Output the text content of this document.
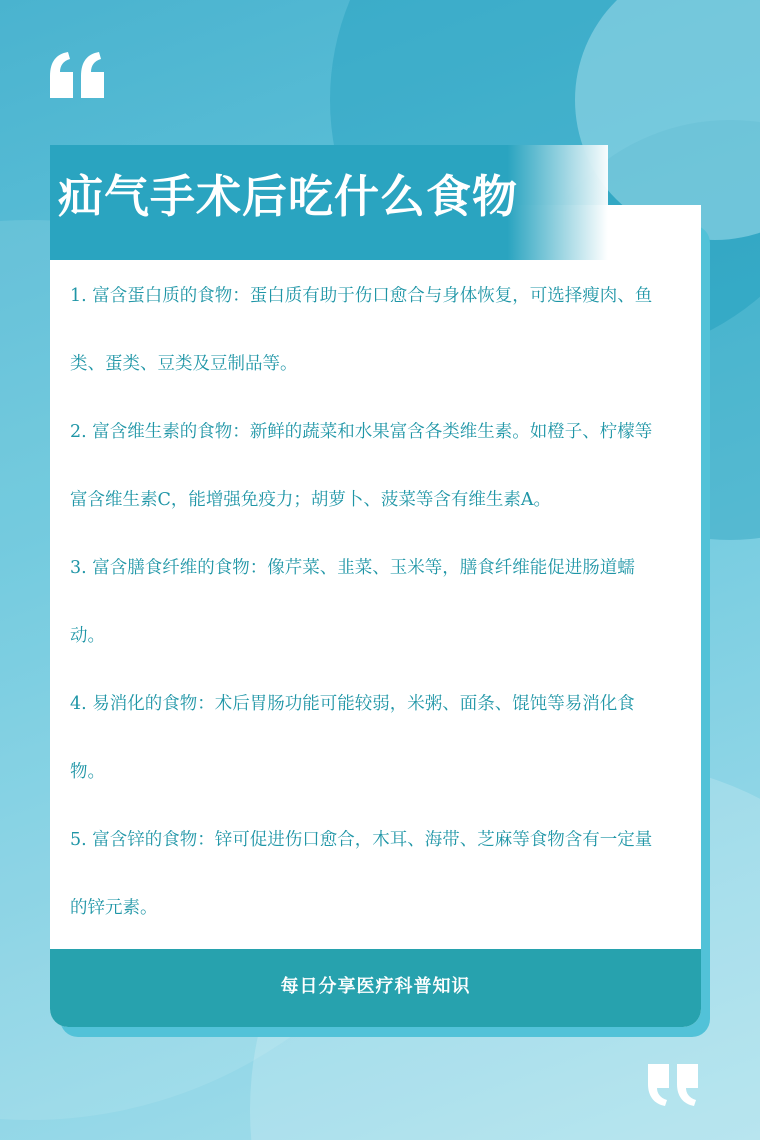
每日分享医疗科普知识
疝气手术后吃什么食物

1. 富含蛋白质的食物：蛋白质有助于伤口愈合与身体恢复，可选择瘦肉、鱼类、蛋类、豆类及豆制品等。

2. 富含维生素的食物：新鲜的蔬菜和水果富含各类维生素。如橙子、柠檬等富含维生素C，能增强免疫力；胡萝卜、菠菜等含有维生素A。

3. 富含膳食纤维的食物：像芹菜、韭菜、玉米等，膳食纤维能促进肠道蠕动。

4. 易消化的食物：术后胃肠功能可能较弱，米粥、面条、馄饨等易消化食物。

5. 富含锌的食物：锌可促进伤口愈合，木耳、海带、芝麻等食物含有一定量的锌元素。
